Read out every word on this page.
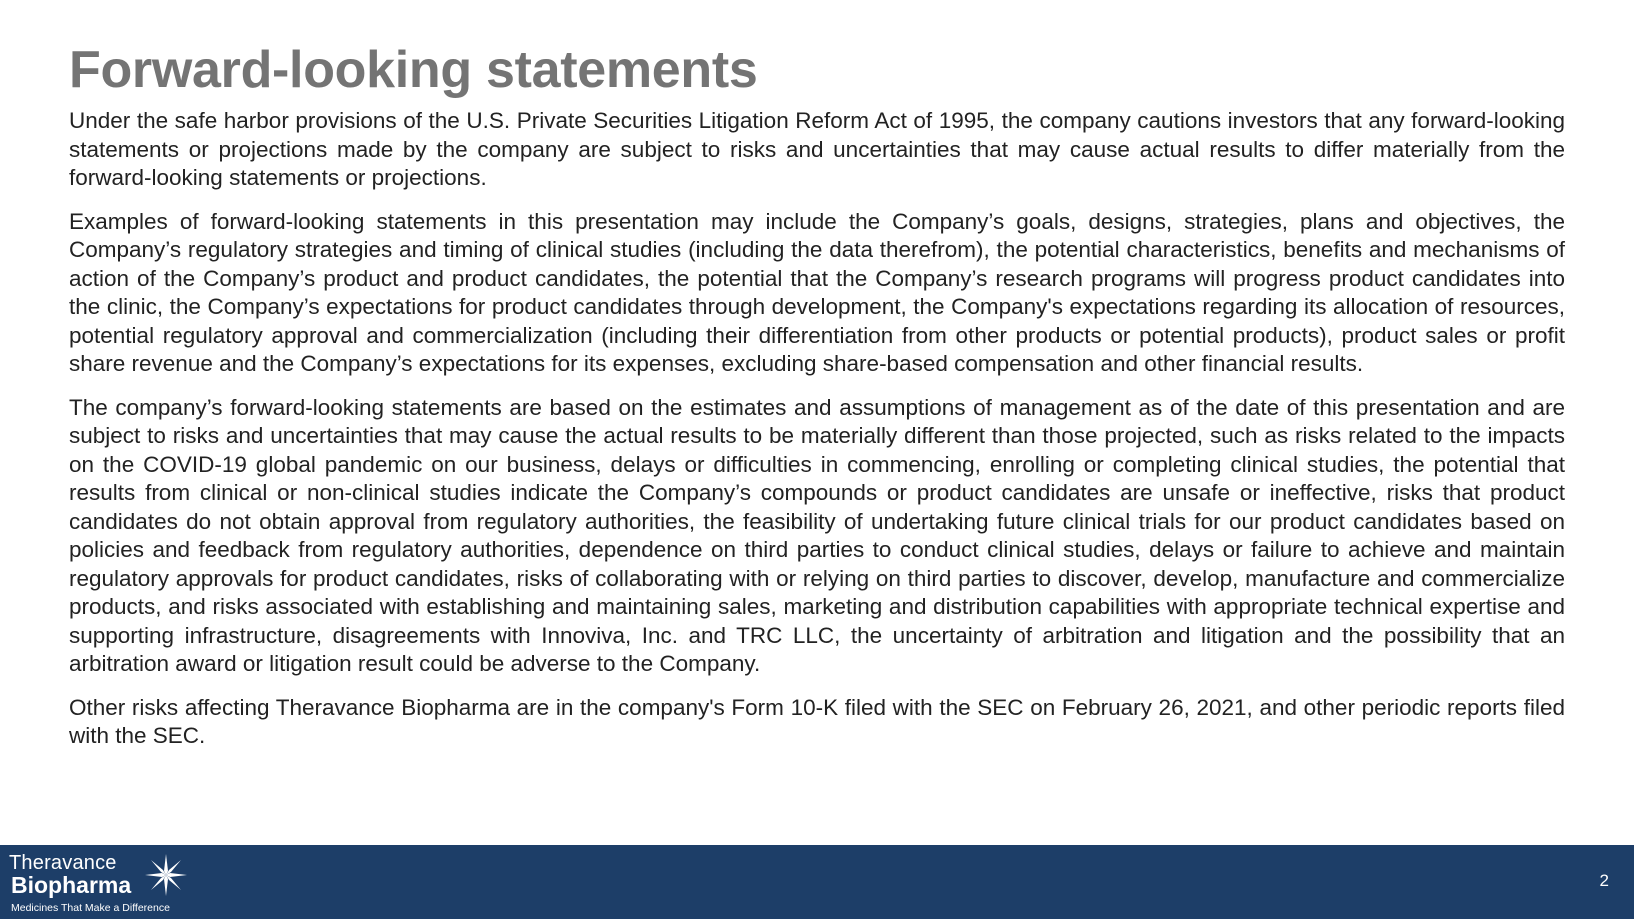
Forward-looking statements

Under the safe harbor provisions of the U.S. Private Securities Litigation Reform Act of 1995, the company cautions investors that any forward-looking statements or projections made by the company are subject to risks and uncertainties that may cause actual results to differ materially from the forward-looking statements or projections.

Examples of forward-looking statements in this presentation may include the Company’s goals, designs, strategies, plans and objectives, the Company’s regulatory strategies and timing of clinical studies (including the data therefrom), the potential characteristics, benefits and mechanisms of action of the Company’s product and product candidates, the potential that the Company’s research programs will progress product candidates into the clinic, the Company’s expectations for product candidates through development, the Company's expectations regarding its allocation of resources, potential regulatory approval and commercialization (including their differentiation from other products or potential products), product sales or profit share revenue and the Company’s expectations for its expenses, excluding share-based compensation and other financial results.

The company’s forward-looking statements are based on the estimates and assumptions of management as of the date of this presentation and are subject to risks and uncertainties that may cause the actual results to be materially different than those projected, such as risks related to the impacts on the COVID-19 global pandemic on our business, delays or difficulties in commencing, enrolling or completing clinical studies, the potential that results from clinical or non-clinical studies indicate the Company’s compounds or product candidates are unsafe or ineffective, risks that product candidates do not obtain approval from regulatory authorities, the feasibility of undertaking future clinical trials for our product candidates based on policies and feedback from regulatory authorities, dependence on third parties to conduct clinical studies, delays or failure to achieve and maintain regulatory approvals for product candidates, risks of collaborating with or relying on third parties to discover, develop, manufacture and commercialize products, and risks associated with establishing and maintaining sales, marketing and distribution capabilities with appropriate technical expertise and supporting infrastructure, disagreements with Innoviva, Inc. and TRC LLC, the uncertainty of arbitration and litigation and the possibility that an arbitration award or litigation result could be adverse to the Company.

Other risks affecting Theravance Biopharma are in the company's Form 10-K filed with the SEC on February 26, 2021, and other periodic reports filed with the SEC.

Theravance
Biopharma
Medicines That Make a Difference
2
